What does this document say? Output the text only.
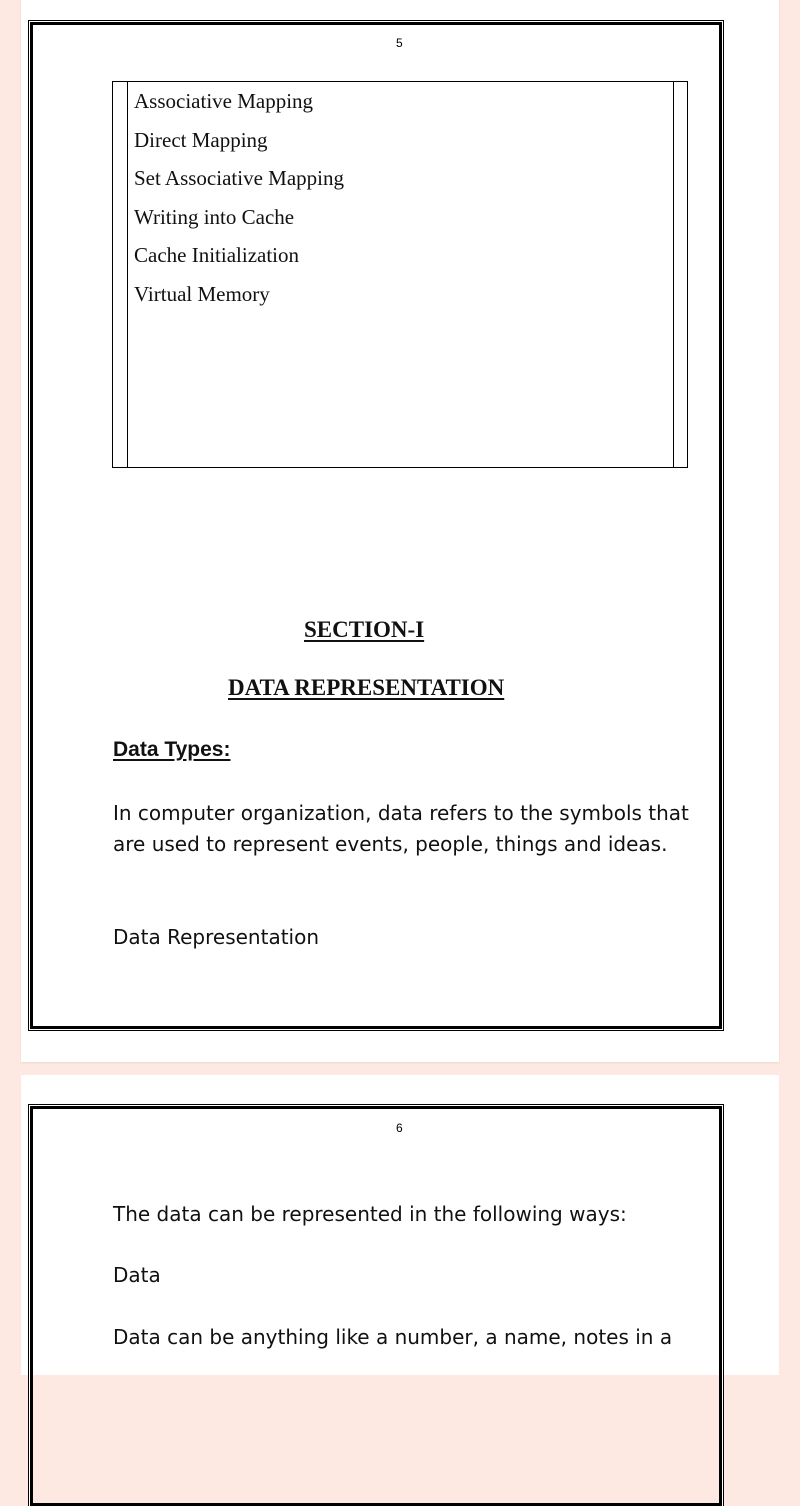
5
Associative Mapping
Direct Mapping
Set Associative Mapping
Writing into Cache
Cache Initialization
Virtual Memory
SECTION-I
DATA REPRESENTATION
Data Types:

In computer organization, data refers to the symbols that are used to represent events, people, things and ideas.

Data Representation

6

The data can be represented in the following ways:

Data

Data can be anything like a number, a name, notes in a
